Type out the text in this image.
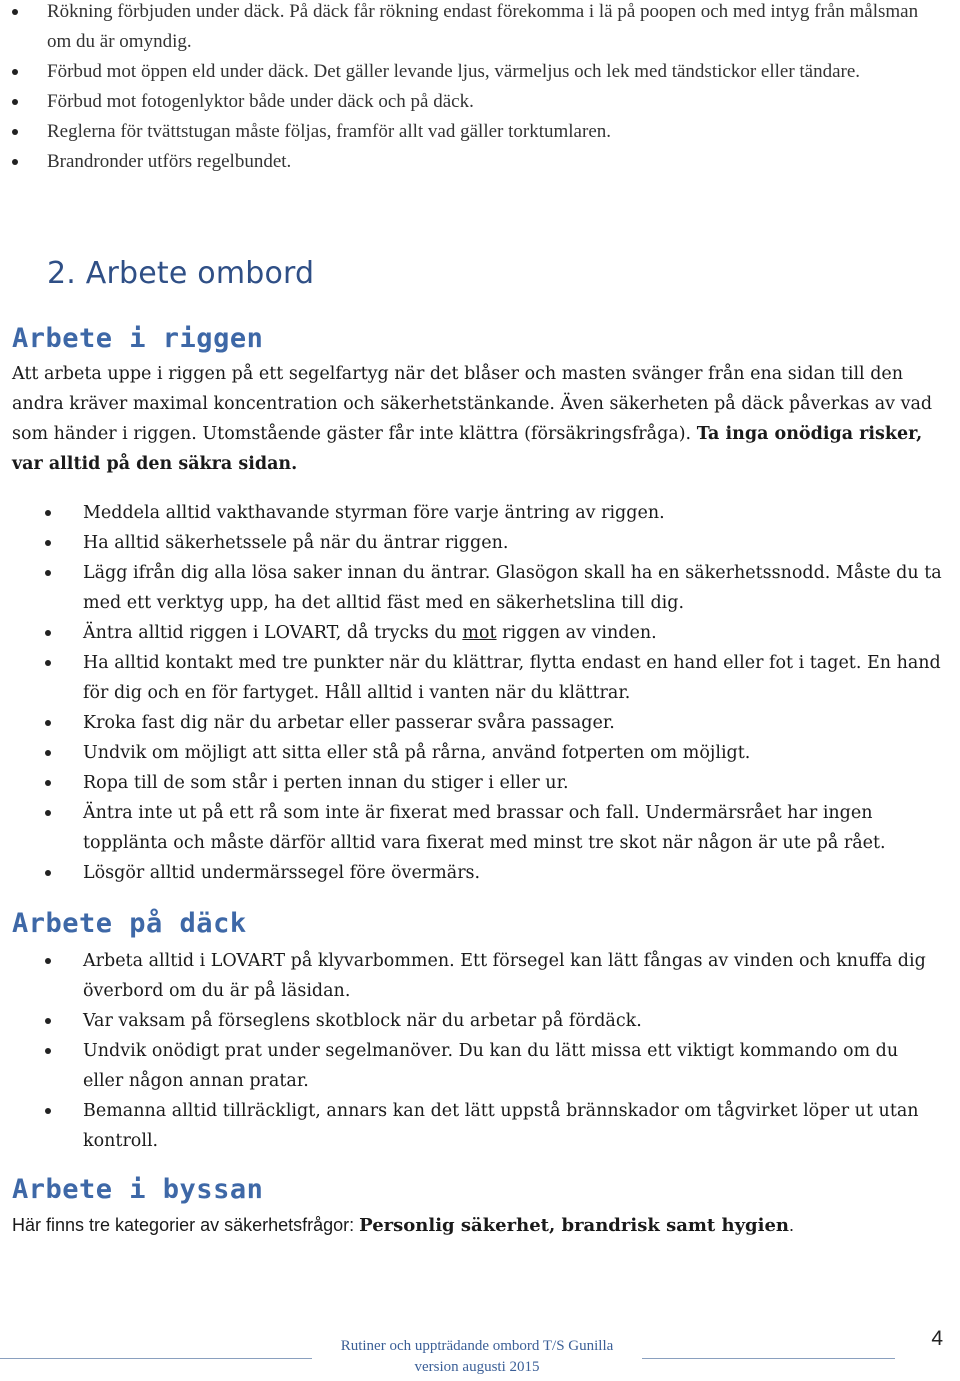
Rökning förbjuden under däck. På däck får rökning endast förekomma i lä på poopen och med intyg från målsman om du är omyndig.
Förbud mot öppen eld under däck. Det gäller levande ljus, värmeljus och lek med tändstickor eller tändare.
Förbud mot fotogenlyktor både under däck och på däck.
Reglerna för tvättstugan måste följas, framför allt vad gäller torktumlaren.
Brandronder utförs regelbundet.
2. Arbete ombord
Arbete i riggen

Att arbeta uppe i riggen på ett segelfartyg när det blåser och masten svänger från ena sidan till den andra kräver maximal koncentration och säkerhetstänkande. Även säkerheten på däck påverkas av vad som händer i riggen. Utomstående gäster får inte klättra (försäkringsfråga). Ta inga onödiga risker, var alltid på den säkra sidan.

Meddela alltid vakthavande styrman före varje äntring av riggen.
Ha alltid säkerhetssele på när du äntrar riggen.
Lägg ifrån dig alla lösa saker innan du äntrar. Glasögon skall ha en säkerhetssnodd. Måste du ta med ett verktyg upp, ha det alltid fäst med en säkerhetslina till dig.
Äntra alltid riggen i LOVART, då trycks du mot riggen av vinden.
Ha alltid kontakt med tre punkter när du klättrar, flytta endast en hand eller fot i taget. En hand för dig och en för fartyget. Håll alltid i vanten när du klättrar.
Kroka fast dig när du arbetar eller passerar svåra passager.
Undvik om möjligt att sitta eller stå på rårna, använd fotperten om möjligt.
Ropa till de som står i perten innan du stiger i eller ur.
Äntra inte ut på ett rå som inte är fixerat med brassar och fall. Undermärsrået har ingen topplänta och måste därför alltid vara fixerat med minst tre skot när någon är ute på rået.
Lösgör alltid undermärssegel före övermärs.
Arbete på däck
Arbeta alltid i LOVART på klyvarbommen. Ett försegel kan lätt fångas av vinden och knuffa dig överbord om du är på läsidan.
Var vaksam på förseglens skotblock när du arbetar på fördäck.
Undvik onödigt prat under segelmanöver. Du kan du lätt missa ett viktigt kommando om du eller någon annan pratar.
Bemanna alltid tillräckligt, annars kan det lätt uppstå brännskador om tågvirket löper ut utan kontroll.
Arbete i byssan

Här finns tre kategorier av säkerhetsfrågor: Personlig säkerhet, brandrisk samt hygien.

Rutiner och uppträdande ombord T/S Gunilla
version augusti 2015
4
